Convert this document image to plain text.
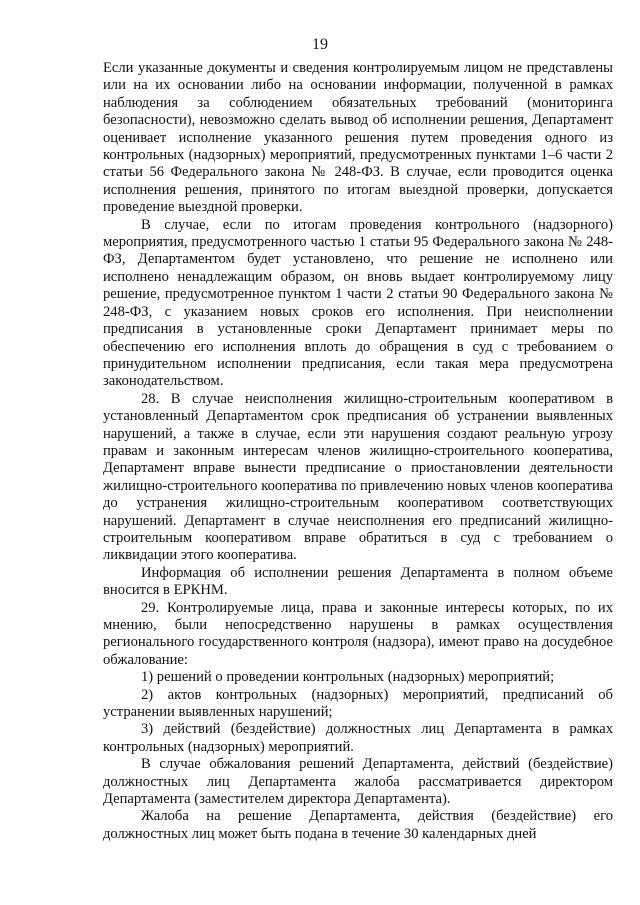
19

Если указанные документы и сведения контролируемым лицом не представлены или на их основании либо на основании информации, полученной в рамках наблюдения за соблюдением обязательных требований (мониторинга безопасности), невозможно сделать вывод об исполнении решения, Департамент оценивает исполнение указанного решения путем проведения одного из контрольных (надзорных) мероприятий, предусмотренных пунктами 1–6 части 2 статьи 56 Федерального закона № 248-ФЗ. В случае, если проводится оценка исполнения решения, принятого по итогам выездной проверки, допускается проведение выездной проверки.

В случае, если по итогам проведения контрольного (надзорного) мероприятия, предусмотренного частью 1 статьи 95 Федерального закона № 248-ФЗ, Департаментом будет установлено, что решение не исполнено или исполнено ненадлежащим образом, он вновь выдает контролируемому лицу решение, предусмотренное пунктом 1 части 2 статьи 90 Федерального закона № 248-ФЗ, с указанием новых сроков его исполнения. При неисполнении предписания в установленные сроки Департамент принимает меры по обеспечению его исполнения вплоть до обращения в суд с требованием о принудительном исполнении предписания, если такая мера предусмотрена законодательством.

28. В случае неисполнения жилищно-строительным кооперативом в установленный Департаментом срок предписания об устранении выявленных нарушений, а также в случае, если эти нарушения создают реальную угрозу правам и законным интересам членов жилищно-строительного кооператива, Департамент вправе вынести предписание о приостановлении деятельности жилищно-строительного кооператива по привлечению новых членов кооператива до устранения жилищно-строительным кооперативом соответствующих нарушений. Департамент в случае неисполнения его предписаний жилищно-строительным кооперативом вправе обратиться в суд с требованием о ликвидации этого кооператива.

Информация об исполнении решения Департамента в полном объеме вносится в ЕРКНМ.

29. Контролируемые лица, права и законные интересы которых, по их мнению, были непосредственно нарушены в рамках осуществления регионального государственного контроля (надзора), имеют право на досудебное обжалование:

1) решений о проведении контрольных (надзорных) мероприятий;

2) актов контрольных (надзорных) мероприятий, предписаний об устранении выявленных нарушений;

3) действий (бездействие) должностных лиц Департамента в рамках контрольных (надзорных) мероприятий.

В случае обжалования решений Департамента, действий (бездействие) должностных лиц Департамента жалоба рассматривается директором Департамента (заместителем директора Департамента).

Жалоба на решение Департамента, действия (бездействие) его должностных лиц может быть подана в течение 30 календарных дней
